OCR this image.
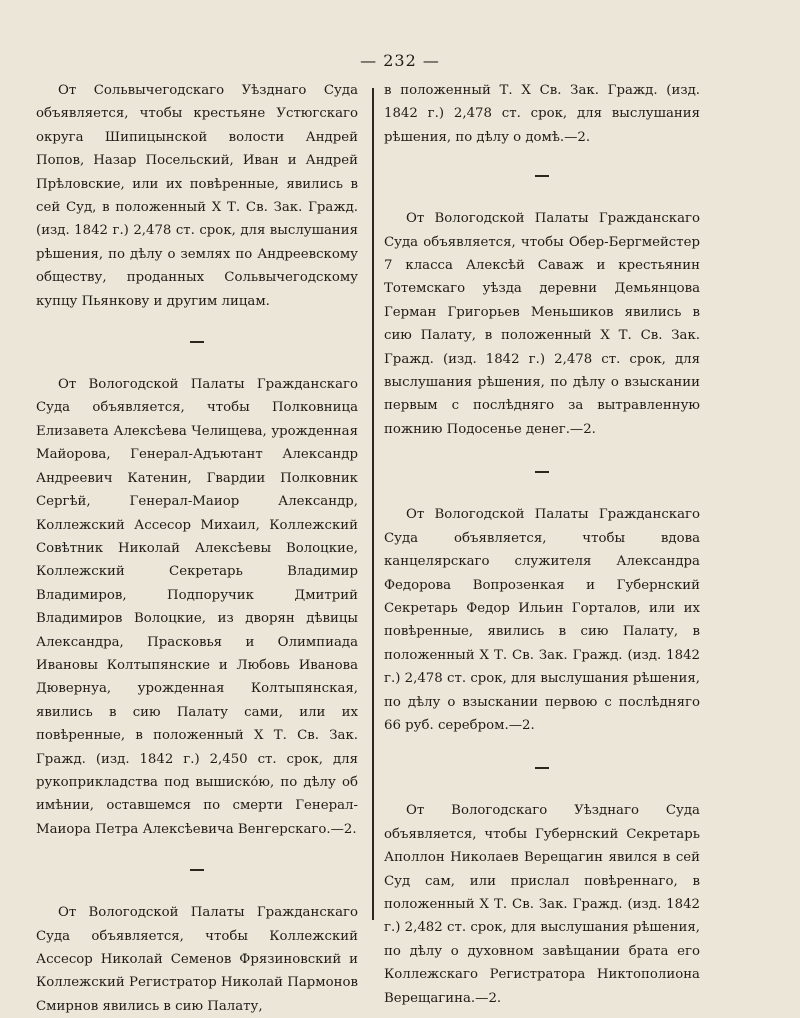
— 232 —

От Сольвычегодскаго Уѣзднаго Суда объявляется, чтобы крестьяне Устюгскаго округа Шипицынской волости Андрей Попов, Назар Посельский, Иван и Андрей Прѣловские, или их повѣренные, явились в сей Суд, в положенный X Т. Св. Зак. Гражд. (изд. 1842 г.) 2,478 ст. срок, для выслушания рѣшения, по дѣлу о землях по Андреевскому обществу, проданных Сольвычегодскому купцу Пьянкову и другим лицам.

От Вологодской Палаты Гражданскаго Суда объявляется, чтобы Полковница Елизавета Алексѣева Челищева, урожденная Майорова, Генерал-Адъютант Александр Андреевич Катенин, Гвардии Полковник Сергѣй, Генерал-Маиор Александр, Коллежский Ассесор Михаил, Коллежский Совѣтник Николай Алексѣевы Волоцкие, Коллежский Секретарь Владимир Владимиров, Подпоручик Дмитрий Владимиров Волоцкие, из дворян дѣвицы Александра, Прасковья и Олимпиада Ивановы Колтыпянские и Любовь Иванова Дювернуа, урожденная Колтыпянская, явились в сию Палату сами, или их повѣренные, в положенный X Т. Св. Зак. Гражд. (изд. 1842 г.) 2,450 ст. срок, для рукоприкладства под вышиско́ю, по дѣлу об имѣнии, оставшемся по смерти Генерал-Маиора Петра Алексѣевича Венгерскаго.—2.

От Вологодской Палаты Гражданскаго Суда объявляется, чтобы Коллежский Ассесор Николай Семенов Фрязиновский и Коллежский Регистратор Николай Пармонов Смирнов явились в сию Палату,

в положенный Т. X Св. Зак. Гражд. (изд. 1842 г.) 2,478 ст. срок, для выслушания рѣшения, по дѣлу о домѣ.—2.

От Вологодской Палаты Гражданскаго Суда объявляется, чтобы Обер-Бергмейстер 7 класса Алексѣй Саваж и крестьянин Тотемскаго уѣзда деревни Демьянцова Герман Григорьев Меньшиков явились в сию Палату, в положенный X Т. Св. Зак. Гражд. (изд. 1842 г.) 2,478 ст. срок, для выслушания рѣшения, по дѣлу о взыскании первым с послѣдняго за вытравленную пожнию Подосенье денег.—2.

От Вологодской Палаты Гражданскаго Суда объявляется, чтобы вдова канцелярскаго служителя Александра Федорова Вопрозенкая и Губернский Секретарь Федор Ильин Горталов, или их повѣренные, явились в сию Палату, в положенный X Т. Св. Зак. Гражд. (изд. 1842 г.) 2,478 ст. срок, для выслушания рѣшения, по дѣлу о взыскании первою с послѣдняго 66 руб. серебром.—2.

От Вологодскаго Уѣзднаго Суда объявляется, чтобы Губернский Секретарь Аполлон Николаев Верещагин явился в сей Суд сам, или прислал повѣреннаго, в положенный X Т. Св. Зак. Гражд. (изд. 1842 г.) 2,482 ст. срок, для выслушания рѣшения, по дѣлу о духовном завѣщании брата его Коллежскаго Регистратора Никтополиона Верещагина.—2.
